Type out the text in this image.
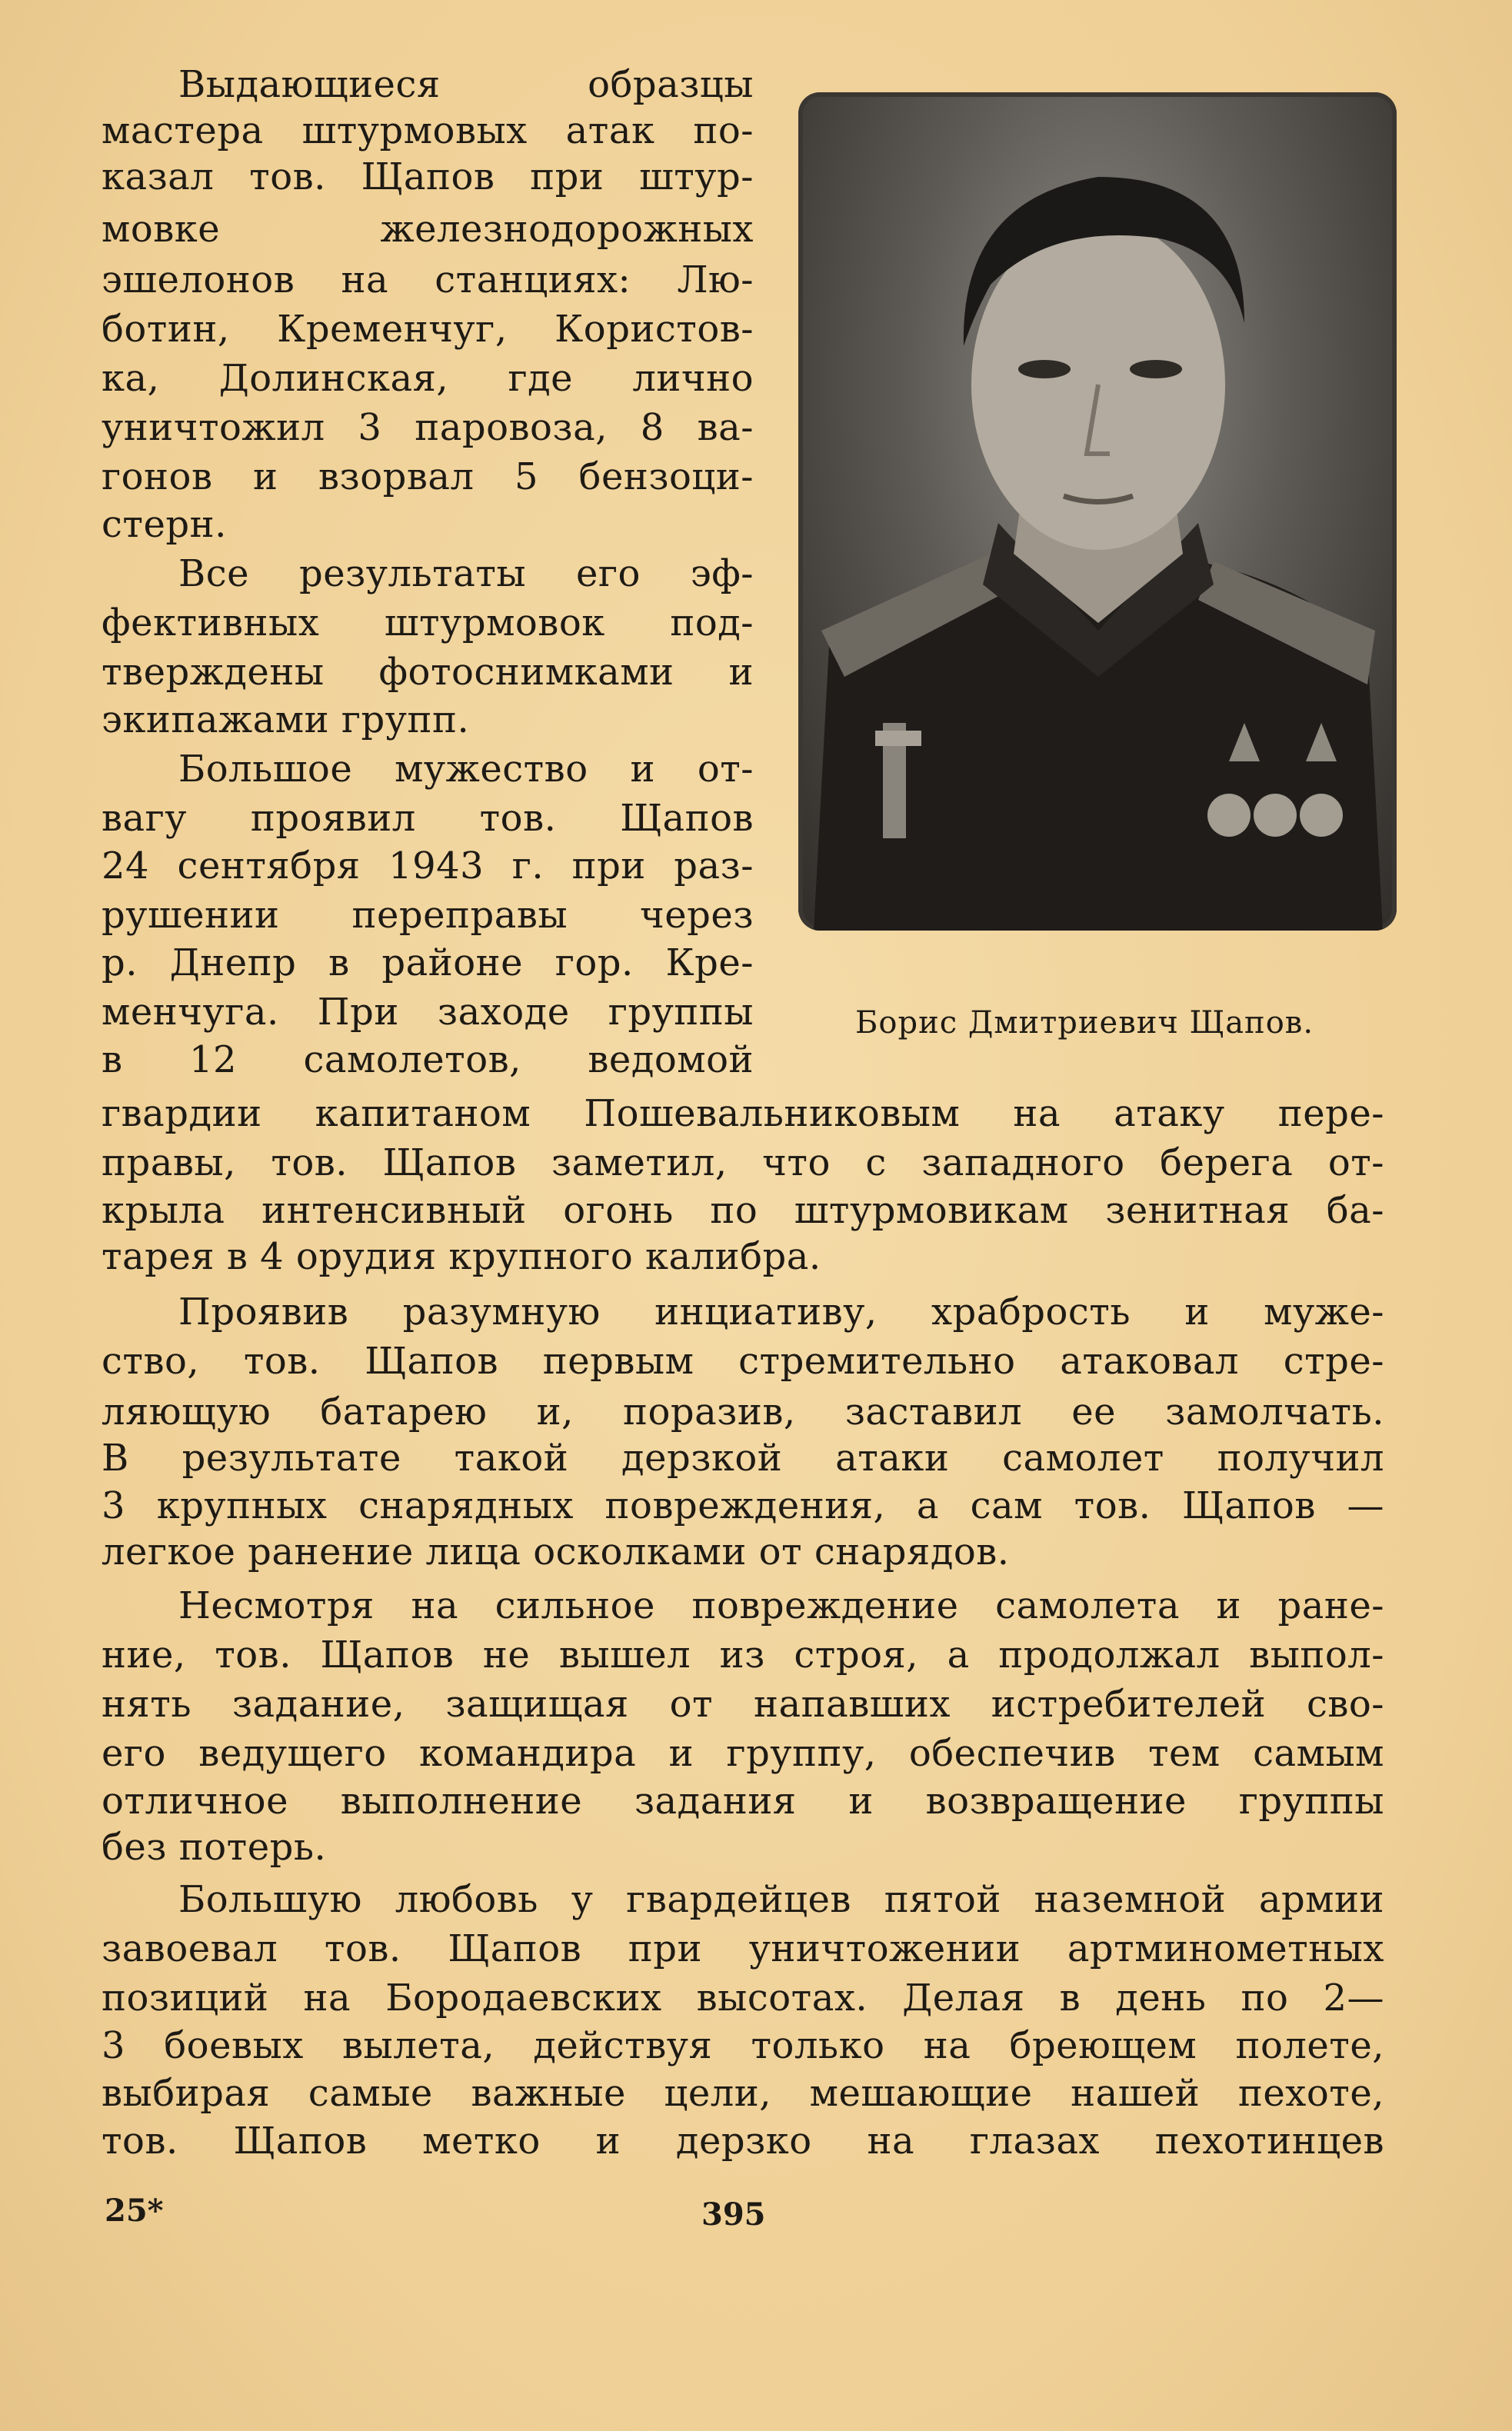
Выдающиеся образцы
мастера штурмовых атак по-
казал тов. Щапов при штур-
мовке железнодорожных
эшелонов на станциях: Лю-
ботин, Кременчуг, Користов-
ка, Долинская, где лично
уничтожил 3 паровоза, 8 ва-
гонов и взорвал 5 бензоци-
стерн.
Все результаты его эф-
фективных штурмовок под-
тверждены фотоснимками и
экипажами групп.
Большое мужество и от-
вагу проявил тов. Щапов
24 сентября 1943 г. при раз-
рушении переправы через
р. Днепр в районе гор. Кре-
менчуга. При заходе группы
в 12 самолетов, ведомой
Борис Дмитриевич Щапов.
гвардии капитаном Пошевальниковым на атаку пере-
правы, тов. Щапов заметил, что с западного берега от-
крыла интенсивный огонь по штурмовикам зенитная ба-
тарея в 4 орудия крупного калибра.
Проявив разумную инциативу, храбрость и муже-
ство, тов. Щапов первым стремительно атаковал стре-
ляющую батарею и, поразив, заставил ее замолчать.
В результате такой дерзкой атаки самолет получил
3 крупных снарядных повреждения, а сам тов. Щапов —
легкое ранение лица осколками от снарядов.
Несмотря на сильное повреждение самолета и ране-
ние, тов. Щапов не вышел из строя, а продолжал выпол-
нять задание, защищая от напавших истребителей сво-
его ведущего командира и группу, обеспечив тем самым
отличное выполнение задания и возвращение группы
без потерь.
Большую любовь у гвардейцев пятой наземной армии
завоевал тов. Щапов при уничтожении артминометных
позиций на Бородаевских высотах. Делая в день по 2—
3 боевых вылета, действуя только на бреющем полете,
выбирая самые важные цели, мешающие нашей пехоте,
тов. Щапов метко и дерзко на глазах пехотинцев
25*	395
